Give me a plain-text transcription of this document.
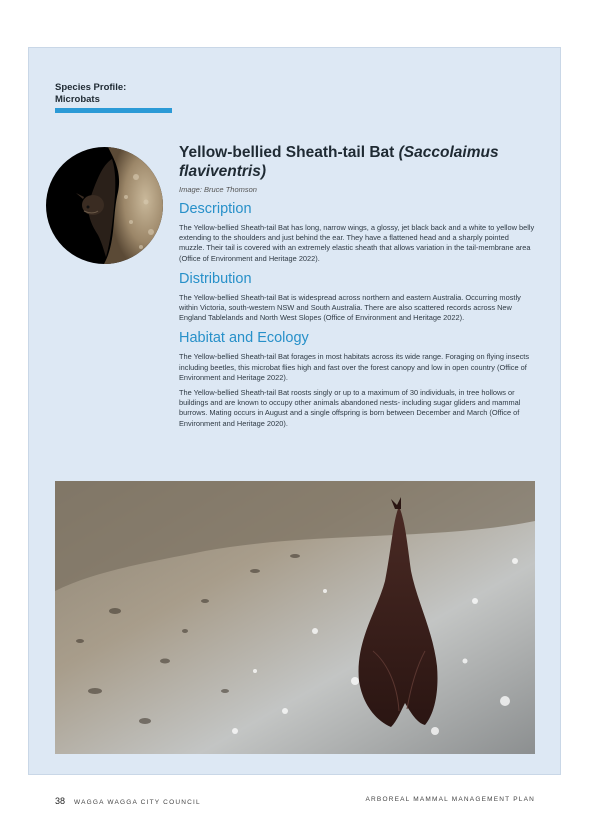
Species Profile:
Microbats
Yellow-bellied Sheath-tail Bat (Saccolaimus flaviventris)
Image: Bruce Thomson
Description

The Yellow-bellied Sheath-tail Bat has long, narrow wings, a glossy, jet black back and a white to yellow belly extending to the shoulders and just behind the ear. They have a flattened head and a sharply pointed muzzle. Their tail is covered with an extremely elastic sheath that allows variation in the tail-membrane area (Office of Environment and Heritage 2022).

Distribution

The Yellow-bellied Sheath-tail Bat is widespread across northern and eastern Australia. Occurring mostly within Victoria, south-western NSW and South Australia. There are also scattered records across New England Tablelands and North West Slopes (Office of Environment and Heritage 2022).

Habitat and Ecology

The Yellow-bellied Sheath-tail Bat forages in most habitats across its wide range. Foraging on flying insects including beetles, this microbat flies high and fast over the forest canopy and low in open country (Office of Environment and Heritage 2022).

The Yellow-bellied Sheath-tail Bat roosts singly or up to a maximum of 30 individuals, in tree hollows or buildings and are known to occupy other animals abandoned nests- including sugar gliders and mammal burrows. Mating occurs in August and a single offspring is born between December and March (Office of Environment and Heritage 2020).

38 WAGGA WAGGA CITY COUNCIL	ARBOREAL MAMMAL MANAGEMENT PLAN
